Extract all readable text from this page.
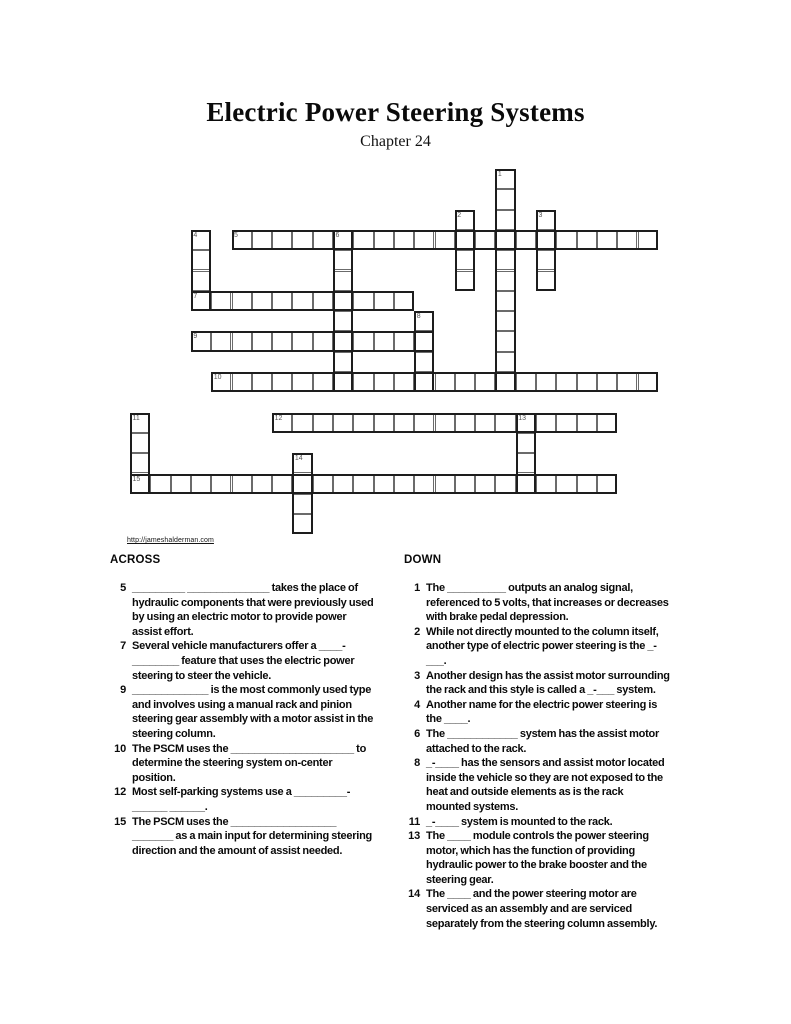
Electric Power Steering Systems
Chapter 24
1
2	3
4	5	6
7
8
9
10
11	12	13
14
15
http://jameshalderman.com
ACROSS
5 _________ ______________ takes the place of hydraulic components that were previously used by using an electric motor to provide power assist effort.
7 Several vehicle manufacturers offer a ____-________ feature that uses the electric power steering to steer the vehicle.
9 _____________ is the most commonly used type and involves using a manual rack and pinion steering gear assembly with a motor assist in the steering column.
10 The PSCM uses the _____________________ to determine the steering system on-center position.
12 Most self-parking systems use a _________-______ ______.
15 The PSCM uses the __________________ _______ as a main input for determining steering direction and the amount of assist needed.
DOWN
1 The __________ outputs an analog signal, referenced to 5 volts, that increases or decreases with brake pedal depression.
2 While not directly mounted to the column itself, another type of electric power steering is the _-___.
3 Another design has the assist motor surrounding the rack and this style is called a _-___ system.
4 Another name for the electric power steering is the ____.
6 The ____________ system has the assist motor attached to the rack.
8 _-____ has the sensors and assist motor located inside the vehicle so they are not exposed to the heat and outside elements as is the rack mounted systems.
11 _-____ system is mounted to the rack.
13 The ____ module controls the power steering motor, which has the function of providing hydraulic power to the brake booster and the steering gear.
14 The ____ and the power steering motor are serviced as an assembly and are serviced separately from the steering column assembly.
